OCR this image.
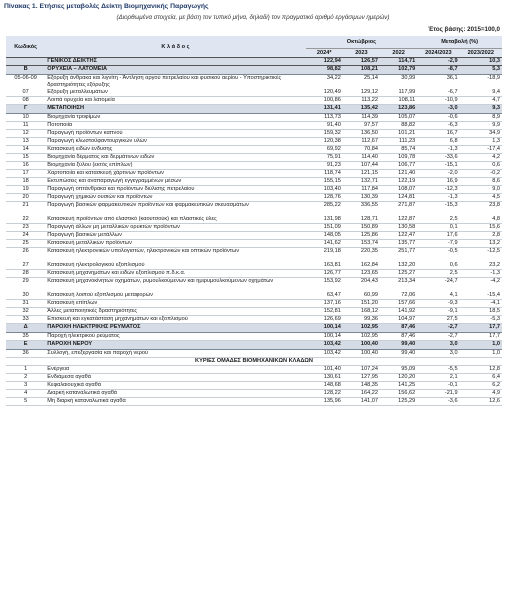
Πίνακας 1. Ετήσιες μεταβολές Δείκτη Βιομηχανικής Παραγωγής
(Διορθωμένα στοιχεία, με βάση τον τυπικό μήνα, δηλαδή τον πραγματικό αριθμό εργάσιμων ημερών)
Έτος βάσης: 2015=100,0
Κωδικός	Κ λ ά δ ο ς	Οκτώβριος			Μεταβολή (%)	
		2024*	2023	2022	2024/2023	2023/2022
	ΓΕΝΙΚΟΣ ΔΕΙΚΤΗΣ	122,94	126,57	114,71	-2,9	10,3
B	ΟΡΥΧΕΙΑ – ΛΑΤΟΜΕΙΑ	98,82	108,21	102,79	-8,7	5,3
05-06-09	Εξόρυξη άνθρακα και λιγνίτη - Άντληση αργού πετρελαίου και φυσικού αερίου - Υποστηρικτικές δραστηριότητες εξόρυξης	34,22	25,14	30,99	36,1	-18,9
07	Εξόρυξη μεταλλευμάτων	120,49	129,12	117,99	-6,7	9,4
08	Λοιπά ορυχεία και λατομεία	100,86	113,22	108,11	-10,9	4,7
Γ	ΜΕΤΑΠΟΙΗΣΗ	131,41	135,42	123,86	-3,0	9,3
10	Βιομηχανία τροφίμων	113,73	114,39	105,07	-0,6	8,9
11	Ποτοποιία	91,40	97,57	88,82	-6,3	9,9
12	Παραγωγή προϊόντων καπνού	159,32	136,50	101,21	16,7	34,9
13	Παραγωγή κλωστοϋφαντουργικών υλών	120,38	112,67	111,23	6,8	1,3
14	Κατασκευή ειδών ένδυσης	69,92	70,84	85,74	-1,3	-17,4
15	Βιομηχανία δέρματος και δερμάτινων ειδών	75,91	114,40	109,78	-33,6	4,2
16	Βιομηχανία ξύλου (εκτός επίπλων)	91,23	107,44	106,77	-15,1	0,6
17	Χαρτοποιία και κατασκευή χάρτινων προϊόντων	118,74	121,15	121,40	-2,0	-0,2
18	Εκτυπώσεις και αναπαραγωγή εγγεγραμμένων μέσων	155,15	132,71	122,19	16,9	8,6
19	Παραγωγή οπτάνθρακα και προϊόντων διύλισης πετρελαίου	103,40	117,84	108,07	-12,3	9,0
20	Παραγωγή χημικών ουσιών και προϊόντων	128,76	130,39	124,81	-1,3	4,5
21	Παραγωγή βασικών φαρμακευτικών προϊόντων και φαρμακευτικών σκευασμάτων	285,22	336,55	271,87	-15,3	23,8
22	Κατασκευή προϊόντων από ελαστικό (καουτσούκ) και πλαστικές ύλες	131,98	128,71	122,87	2,5	4,8
23	Παραγωγή άλλων μη μεταλλικών ορυκτών προϊόντων	151,09	150,89	130,58	0,1	15,6
24	Παραγωγή βασικών μετάλλων	148,05	125,86	122,47	17,6	2,8
25	Κατασκευή μεταλλικών προϊόντων	141,62	153,74	135,77	-7,9	13,2
26	Κατασκευή ηλεκτρονικών υπολογιστών, ηλεκτρονικών και οπτικών προϊόντων	219,18	220,35	251,77	-0,5	-12,5
27	Κατασκευή ηλεκτρολογικού εξοπλισμού	163,81	162,84	132,20	0,6	23,2
28	Κατασκευή μηχανημάτων και ειδών εξοπλισμού π.δ.κ.α.	126,77	123,65	125,27	2,5	-1,3
29	Κατασκευή μηχανοκίνητων οχημάτων, ρυμουλκούμενων και ημιρυμουλκούμενων οχημάτων	153,92	204,43	213,34	-24,7	-4,2
30	Κατασκευή λοιπού εξοπλισμού μεταφορών	63,47	60,99	72,06	4,1	-15,4
31	Κατασκευή επίπλων	137,16	151,20	157,66	-9,3	-4,1
32	Άλλες μεταποιητικές δραστηριότητες	152,81	168,12	141,92	-9,1	18,5
33	Επισκευή και εγκατάσταση μηχανημάτων και εξοπλισμού	126,69	99,36	104,97	27,5	-5,3
Δ	ΠΑΡΟΧΗ ΗΛΕΚΤΡΙΚΗΣ ΡΕΥΜΑΤΟΣ	100,14	102,95	87,46	-2,7	17,7
35	Παροχή ηλεκτρικού ρεύματος	100,14	102,95	87,46	-2,7	17,7
Ε	ΠΑΡΟΧΗ ΝΕΡΟΥ	103,42	100,40	99,40	3,0	1,0
36	Συλλογή, επεξεργασία και παροχή νερού	103,42	100,40	99,40	3,0	1,0
ΚΥΡΙΕΣ ΟΜΑΔΕΣ ΒΙΟΜΗΧΑΝΙΚΩΝ ΚΛΑΔΩΝ						
1	Ενέργεια	101,40	107,24	95,09	-5,5	12,8
2	Ενδιάμεσα αγαθά	130,61	127,95	120,20	2,1	6,4
3	Κεφαλαιουχικά αγαθά	148,68	148,35	141,25	-0,1	6,2
4	Διαρκή καταναλωτικά αγαθά	128,22	164,22	156,62	-21,9	4,9
5	Μη διαρκή καταναλωτικά αγαθά	135,96	141,07	125,29	-3,6	12,6
